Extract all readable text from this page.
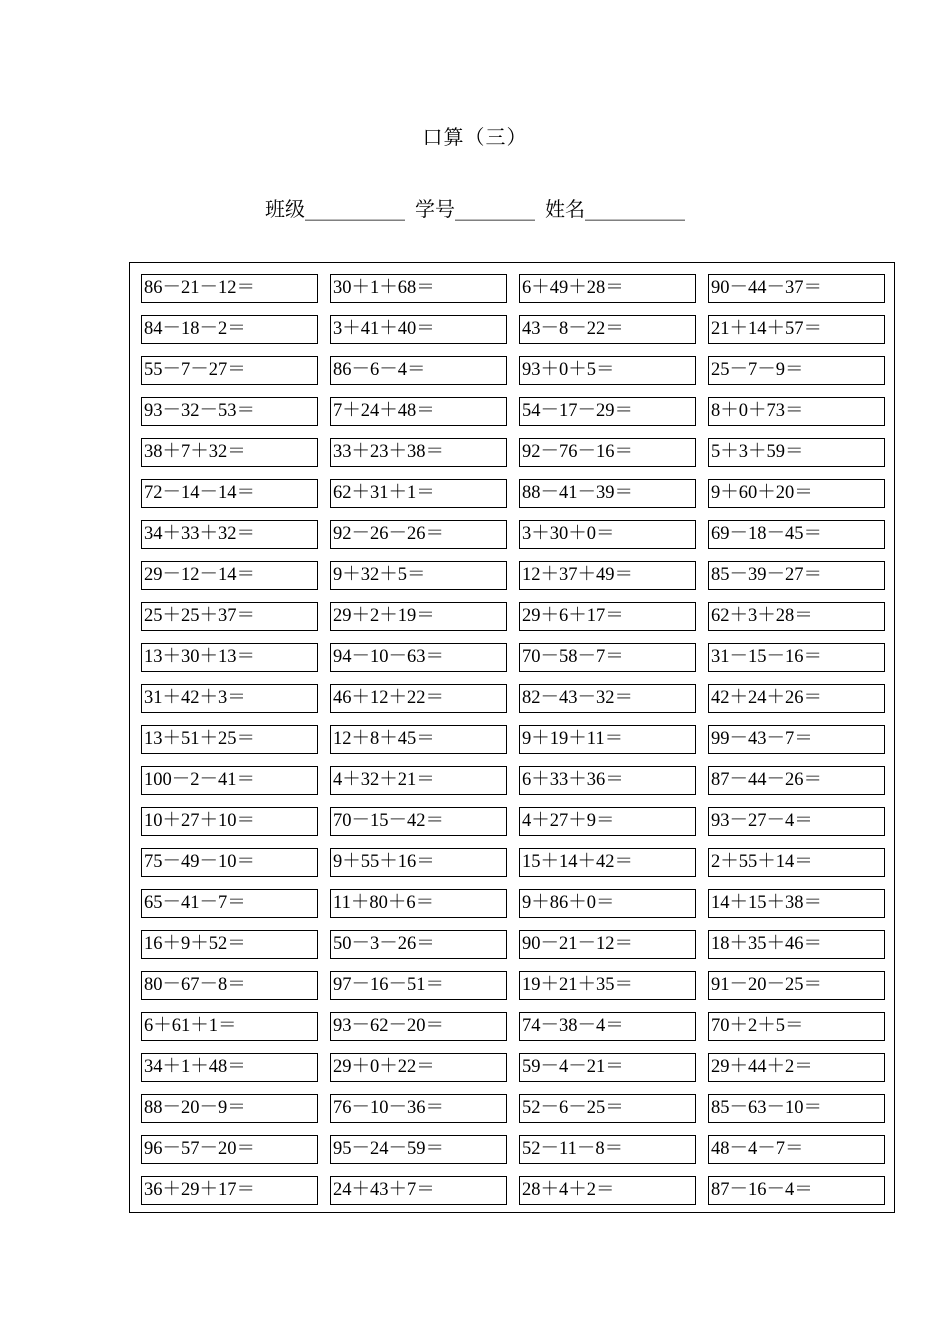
口算（三）
班级__________ 学号________ 姓名__________
86－21－12＝	30＋1＋68＝	6＋49＋28＝	90－44－37＝
84－18－2＝	3＋41＋40＝	43－8－22＝	21＋14＋57＝
55－7－27＝	86－6－4＝	93＋0＋5＝	25－7－9＝
93－32－53＝	7＋24＋48＝	54－17－29＝	8＋0＋73＝
38＋7＋32＝	33＋23＋38＝	92－76－16＝	5＋3＋59＝
72－14－14＝	62＋31＋1＝	88－41－39＝	9＋60＋20＝
34＋33＋32＝	92－26－26＝	3＋30＋0＝	69－18－45＝
29－12－14＝	9＋32＋5＝	12＋37＋49＝	85－39－27＝
25＋25＋37＝	29＋2＋19＝	29＋6＋17＝	62＋3＋28＝
13＋30＋13＝	94－10－63＝	70－58－7＝	31－15－16＝
31＋42＋3＝	46＋12＋22＝	82－43－32＝	42＋24＋26＝
13＋51＋25＝	12＋8＋45＝	9＋19＋11＝	99－43－7＝
100－2－41＝	4＋32＋21＝	6＋33＋36＝	87－44－26＝
10＋27＋10＝	70－15－42＝	4＋27＋9＝	93－27－4＝
75－49－10＝	9＋55＋16＝	15＋14＋42＝	2＋55＋14＝
65－41－7＝	11＋80＋6＝	9＋86＋0＝	14＋15＋38＝
16＋9＋52＝	50－3－26＝	90－21－12＝	18＋35＋46＝
80－67－8＝	97－16－51＝	19＋21＋35＝	91－20－25＝
6＋61＋1＝	93－62－20＝	74－38－4＝	70＋2＋5＝
34＋1＋48＝	29＋0＋22＝	59－4－21＝	29＋44＋2＝
88－20－9＝	76－10－36＝	52－6－25＝	85－63－10＝
96－57－20＝	95－24－59＝	52－11－8＝	48－4－7＝
36＋29＋17＝	24＋43＋7＝	28＋4＋2＝	87－16－4＝
